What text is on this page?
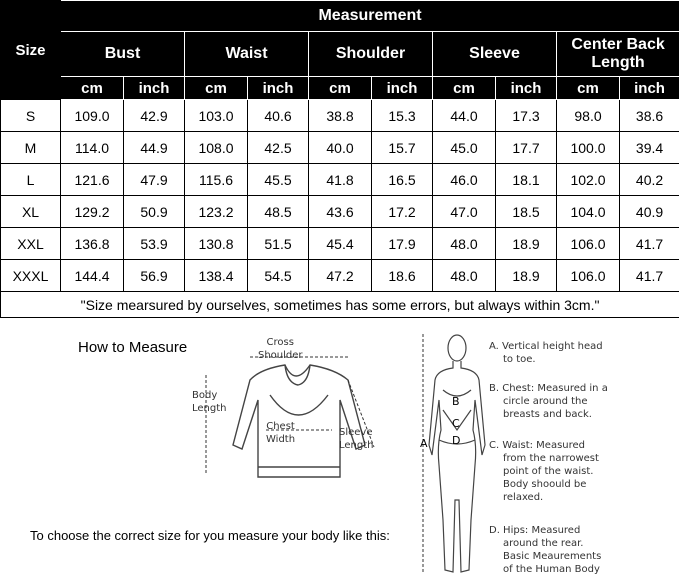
Size	Measurement									
	Bust		Waist		Shoulder		Sleeve		Center Back Length	
	cm	inch	cm	inch	cm	inch	cm	inch	cm	inch
S	109.0	42.9	103.0	40.6	38.8	15.3	44.0	17.3	98.0	38.6
M	114.0	44.9	108.0	42.5	40.0	15.7	45.0	17.7	100.0	39.4
L	121.6	47.9	115.6	45.5	41.8	16.5	46.0	18.1	102.0	40.2
XL	129.2	50.9	123.2	48.5	43.6	17.2	47.0	18.5	104.0	40.9
XXL	136.8	53.9	130.8	51.5	45.4	17.9	48.0	18.9	106.0	41.7
XXXL	144.4	56.9	138.4	54.5	47.2	18.6	48.0	18.9	106.0	41.7
"Size mearsured by ourselves, sometimes has some errors, but always within 3cm."										
How to Measure	Cross
Shoulder
Body
Length
Chest
Width
Sleeve
Length
To choose the correct size for you measure your body like this:
A
B
C
D
A. Vertical height head
to toe.
B. Chest: Measured in a
circle around the
breasts and back.
C. Waist: Measured
from the narrowest
point of the waist.
Body shoould be
relaxed.
D. Hips: Measured
around the rear.
Basic Meaurements
of the Human Body
